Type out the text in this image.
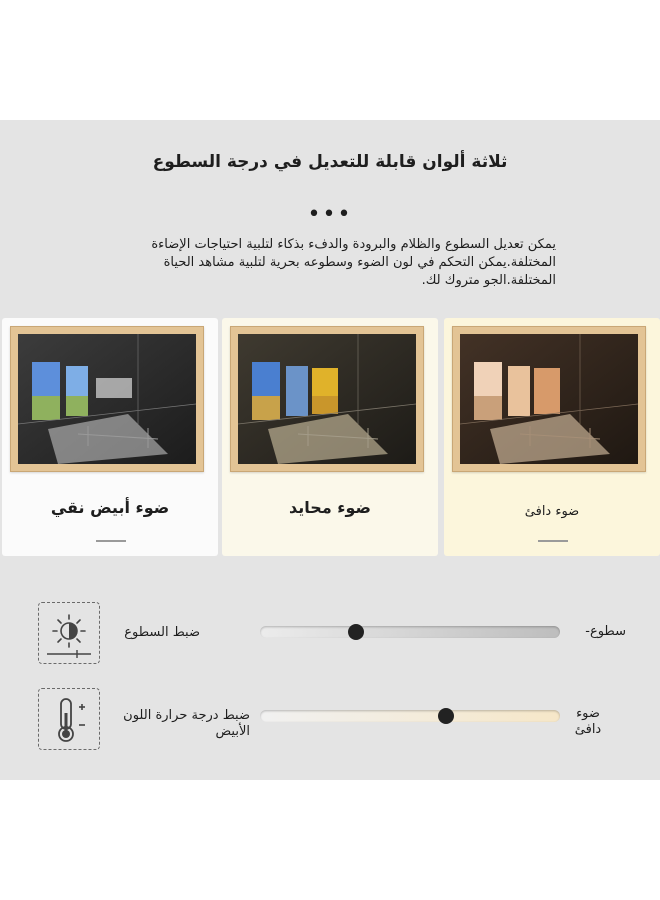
ثلاثة ألوان قابلة للتعديل في درجة السطوع
•••
يمكن تعديل السطوع والظلام والبرودة والدفء بذكاء لتلبية احتياجات الإضاءة
المختلفة.يمكن التحكم في لون الضوء وسطوعه بحرية لتلبية مشاهد الحياة
المختلفة.الجو متروك لك.
ضوء أبيض نقي	ضوء محايد	ضوء دافئ
ضبط السطوع	سطوع-
ضبط درجة حرارة اللون
الأبيض
ضوء
دافئ
